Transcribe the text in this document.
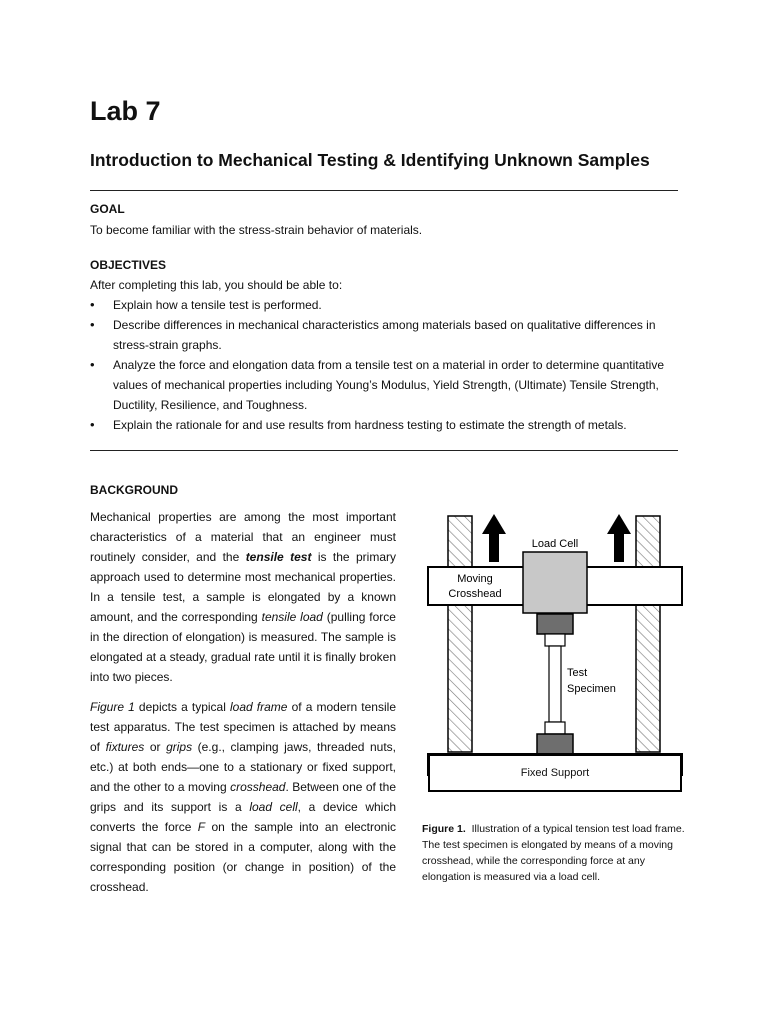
Lab 7
Introduction to Mechanical Testing & Identifying Unknown Samples
GOAL
To become familiar with the stress-strain behavior of materials.
OBJECTIVES
After completing this lab, you should be able to:
• Explain how a tensile test is performed.
• Describe differences in mechanical characteristics among materials based on qualitative differences in stress-strain graphs.
• Analyze the force and elongation data from a tensile test on a material in order to determine quantitative values of mechanical properties including Young’s Modulus, Yield Strength, (Ultimate) Tensile Strength, Ductility, Resilience, and Toughness.
• Explain the rationale for and use results from hardness testing to estimate the strength of metals.
BACKGROUND

Mechanical properties are among the most important characteristics of a material that an engineer must routinely consider, and the tensile test is the primary approach used to determine most mechanical properties. In a tensile test, a sample is elongated by a known amount, and the corresponding tensile load (pulling force in the direction of elongation) is measured. The sample is elongated at a steady, gradual rate until it is finally broken into two pieces.

Figure 1 depicts a typical load frame of a modern tensile test apparatus. The test specimen is attached by means of fixtures or grips (e.g., clamping jaws, threaded nuts, etc.) at both ends—one to a stationary or fixed support, and the other to a moving crosshead. Between one of the grips and its support is a load cell, a device which converts the force F on the sample into an electronic signal that can be stored in a computer, along with the corresponding position (or change in position) of the crosshead.

Load Cell
Moving
Crosshead
Test
Specimen
Fixed Support

Figure 1. Illustration of a typical tension test load frame. The test specimen is elongated by means of a moving crosshead, while the corresponding force at any elongation is measured via a load cell.
